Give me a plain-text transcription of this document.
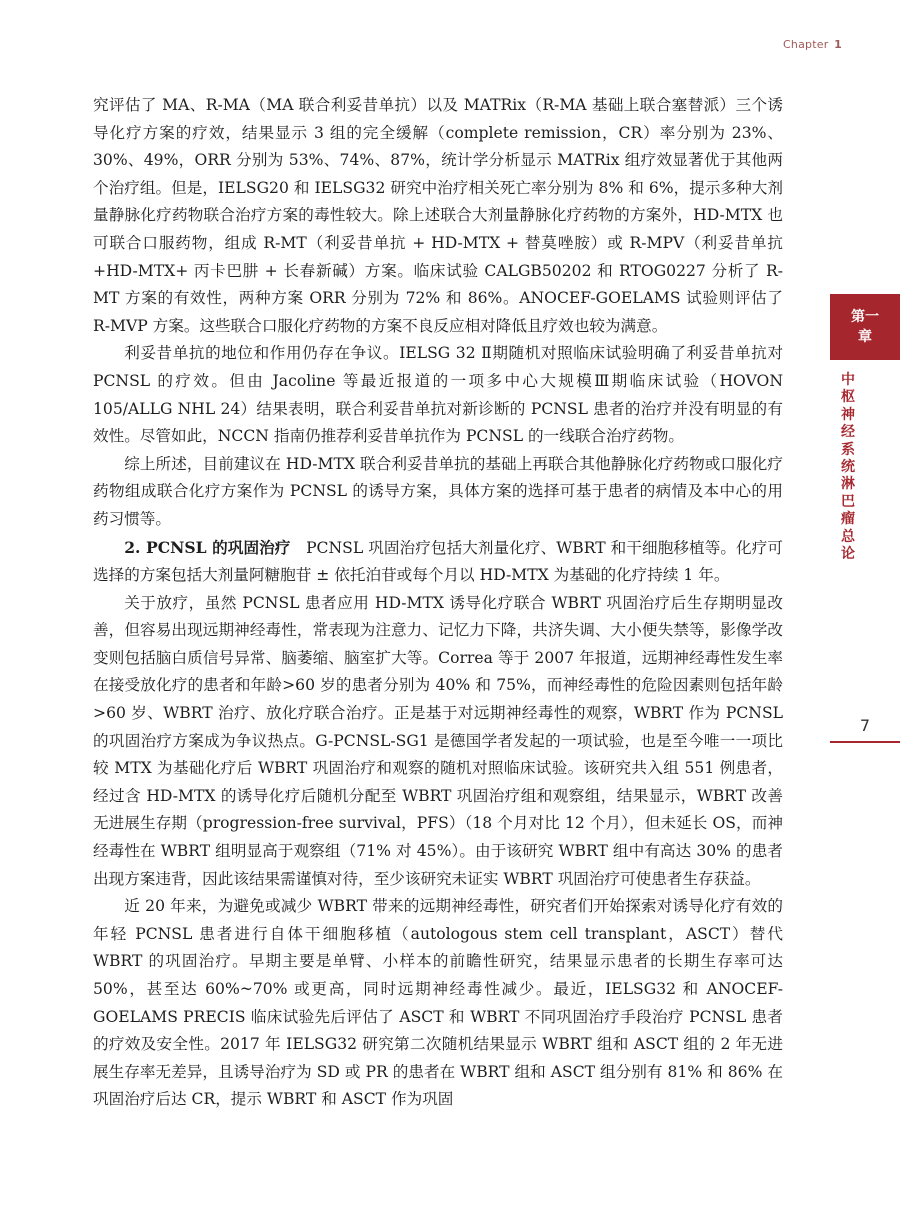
Chapter 1
第一
章
中
枢
神
经
系
统
淋
巴
瘤
总
论
7

究评估了 MA、R-MA（MA 联合利妥昔单抗）以及 MATRix（R-MA 基础上联合塞替派）三个诱导化疗方案的疗效，结果显示 3 组的完全缓解（complete remission，CR）率分别为 23%、30%、49%，ORR 分别为 53%、74%、87%，统计学分析显示 MATRix 组疗效显著优于其他两个治疗组。但是，IELSG20 和 IELSG32 研究中治疗相关死亡率分别为 8% 和 6%，提示多种大剂量静脉化疗药物联合治疗方案的毒性较大。除上述联合大剂量静脉化疗药物的方案外，HD-MTX 也可联合口服药物，组成 R-MT（利妥昔单抗 + HD-MTX + 替莫唑胺）或 R-MPV（利妥昔单抗 +HD-MTX+ 丙卡巴肼 + 长春新碱）方案。临床试验 CALGB50202 和 RTOG0227 分析了 R-MT 方案的有效性，两种方案 ORR 分别为 72% 和 86%。ANOCEF-GOELAMS 试验则评估了 R-MVP 方案。这些联合口服化疗药物的方案不良反应相对降低且疗效也较为满意。

利妥昔单抗的地位和作用仍存在争议。IELSG 32 Ⅱ期随机对照临床试验明确了利妥昔单抗对 PCNSL 的疗效。但由 Jacoline 等最近报道的一项多中心大规模Ⅲ期临床试验（HOVON 105/ALLG NHL 24）结果表明，联合利妥昔单抗对新诊断的 PCNSL 患者的治疗并没有明显的有效性。尽管如此，NCCN 指南仍推荐利妥昔单抗作为 PCNSL 的一线联合治疗药物。

综上所述，目前建议在 HD-MTX 联合利妥昔单抗的基础上再联合其他静脉化疗药物或口服化疗药物组成联合化疗方案作为 PCNSL 的诱导方案，具体方案的选择可基于患者的病情及本中心的用药习惯等。

2. PCNSL 的巩固治疗  PCNSL 巩固治疗包括大剂量化疗、WBRT 和干细胞移植等。化疗可选择的方案包括大剂量阿糖胞苷 ± 依托泊苷或每个月以 HD-MTX 为基础的化疗持续 1 年。

关于放疗，虽然 PCNSL 患者应用 HD-MTX 诱导化疗联合 WBRT 巩固治疗后生存期明显改善，但容易出现远期神经毒性，常表现为注意力、记忆力下降，共济失调、大小便失禁等，影像学改变则包括脑白质信号异常、脑萎缩、脑室扩大等。Correa 等于 2007 年报道，远期神经毒性发生率在接受放化疗的患者和年龄>60 岁的患者分别为 40% 和 75%，而神经毒性的危险因素则包括年龄>60 岁、WBRT 治疗、放化疗联合治疗。正是基于对远期神经毒性的观察，WBRT 作为 PCNSL 的巩固治疗方案成为争议热点。G-PCNSL-SG1 是德国学者发起的一项试验，也是至今唯一一项比较 MTX 为基础化疗后 WBRT 巩固治疗和观察的随机对照临床试验。该研究共入组 551 例患者，经过含 HD-MTX 的诱导化疗后随机分配至 WBRT 巩固治疗组和观察组，结果显示，WBRT 改善无进展生存期（progression-free survival，PFS）（18 个月对比 12 个月），但未延长 OS，而神经毒性在 WBRT 组明显高于观察组（71% 对 45%）。由于该研究 WBRT 组中有高达 30% 的患者出现方案违背，因此该结果需谨慎对待，至少该研究未证实 WBRT 巩固治疗可使患者生存获益。

近 20 年来，为避免或减少 WBRT 带来的远期神经毒性，研究者们开始探索对诱导化疗有效的年轻 PCNSL 患者进行自体干细胞移植（autologous stem cell transplant，ASCT）替代 WBRT 的巩固治疗。早期主要是单臂、小样本的前瞻性研究，结果显示患者的长期生存率可达 50%，甚至达 60%~70% 或更高，同时远期神经毒性减少。最近，IELSG32 和 ANOCEF-GOELAMS PRECIS 临床试验先后评估了 ASCT 和 WBRT 不同巩固治疗手段治疗 PCNSL 患者的疗效及安全性。2017 年 IELSG32 研究第二次随机结果显示 WBRT 组和 ASCT 组的 2 年无进展生存率无差异，且诱导治疗为 SD 或 PR 的患者在 WBRT 组和 ASCT 组分别有 81% 和 86% 在巩固治疗后达 CR，提示 WBRT 和 ASCT 作为巩固
